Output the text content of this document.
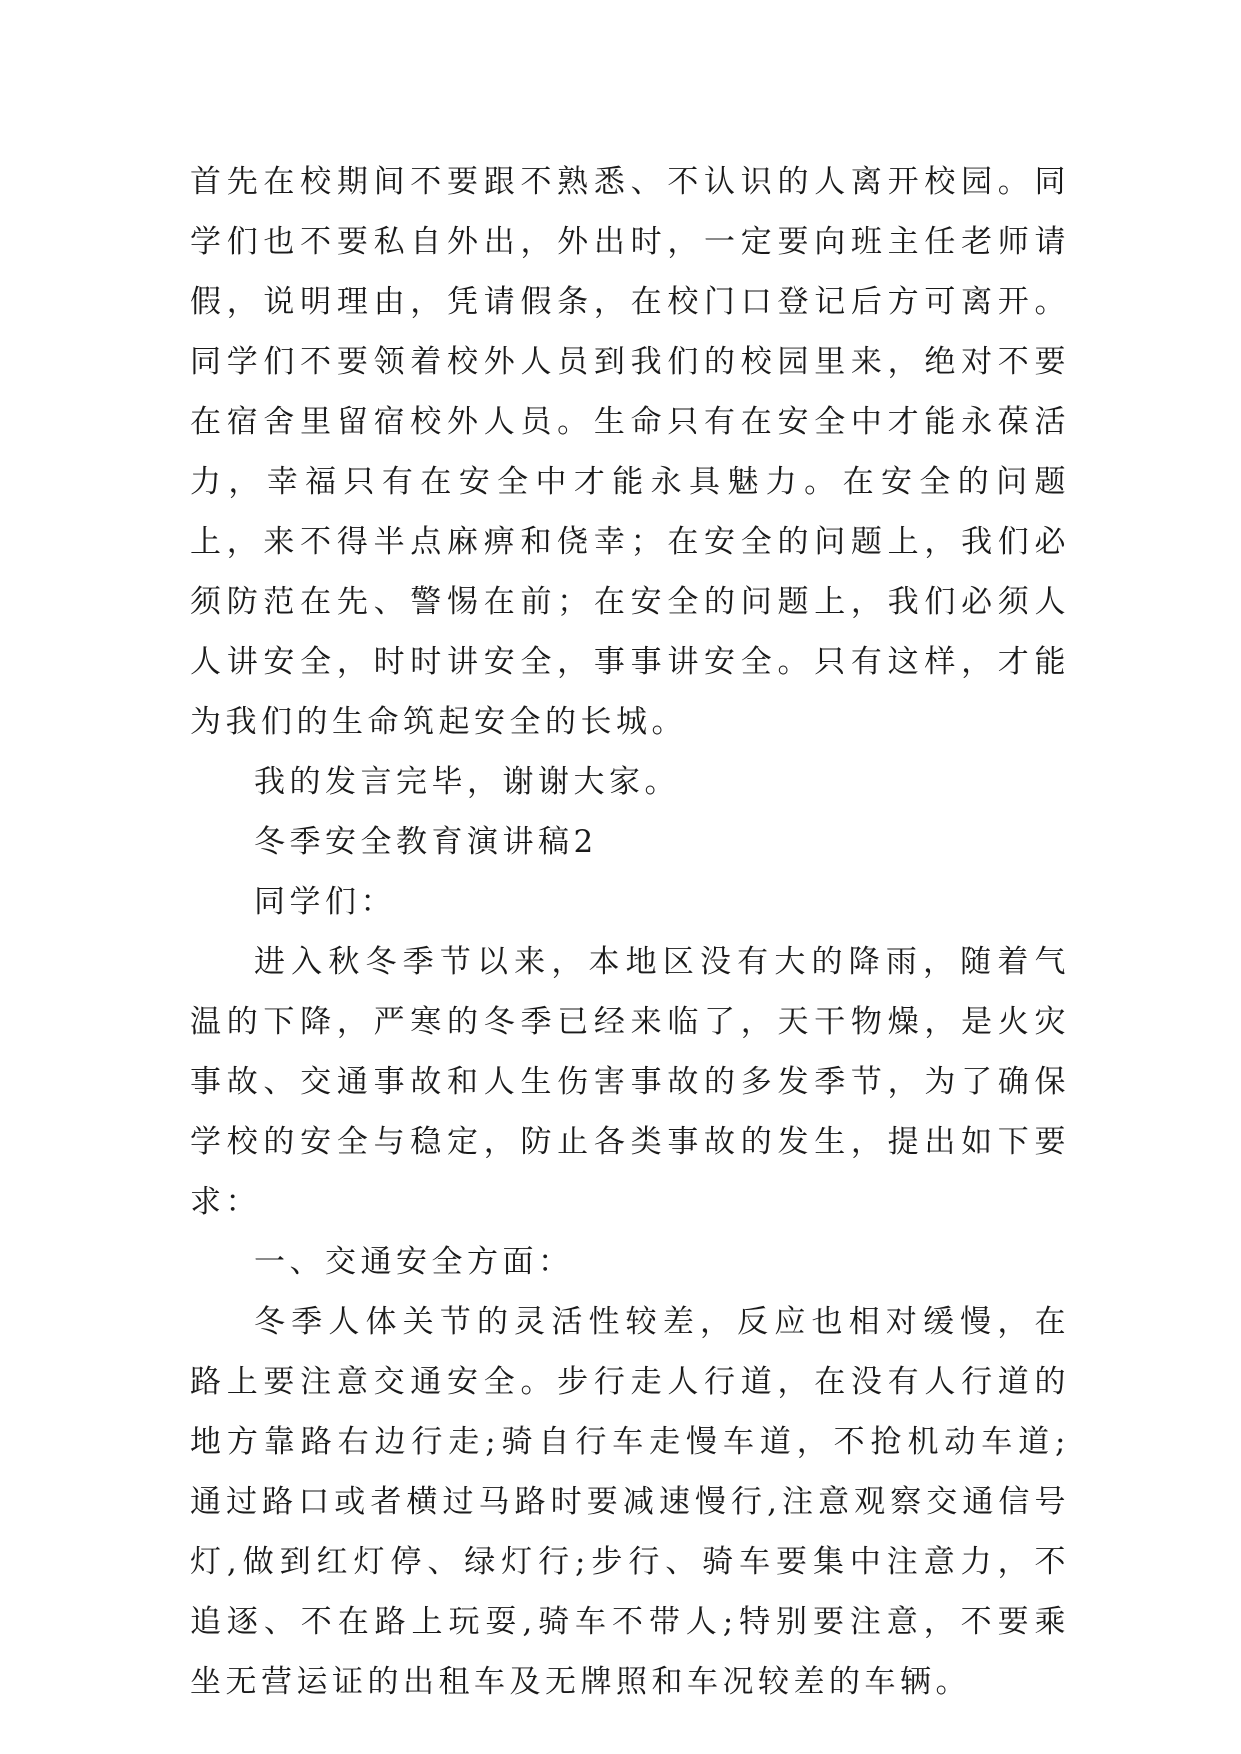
首先在校期间不要跟不熟悉、不认识的人离开校园。同学们也不要私自外出，外出时，一定要向班主任老师请假，说明理由，凭请假条，在校门口登记后方可离开。同学们不要领着校外人员到我们的校园里来，绝对不要在宿舍里留宿校外人员。生命只有在安全中才能永葆活力，幸福只有在安全中才能永具魅力。在安全的问题上，来不得半点麻痹和侥幸；在安全的问题上，我们必须防范在先、警惕在前；在安全的问题上，我们必须人人讲安全，时时讲安全，事事讲安全。只有这样，才能为我们的生命筑起安全的长城。

我的发言完毕，谢谢大家。

冬季安全教育演讲稿2

同学们：

进入秋冬季节以来，本地区没有大的降雨，随着气温的下降，严寒的冬季已经来临了，天干物燥，是火灾事故、交通事故和人生伤害事故的多发季节，为了确保学校的安全与稳定，防止各类事故的发生，提出如下要求：

一、交通安全方面：

冬季人体关节的灵活性较差，反应也相对缓慢，在路上要注意交通安全。步行走人行道，在没有人行道的地方靠路右边行走;骑自行车走慢车道，不抢机动车道;通过路口或者横过马路时要减速慢行,注意观察交通信号灯,做到红灯停、绿灯行;步行、骑车要集中注意力，不追逐、不在路上玩耍,骑车不带人;特别要注意，不要乘坐无营运证的出租车及无牌照和车况较差的车辆。
